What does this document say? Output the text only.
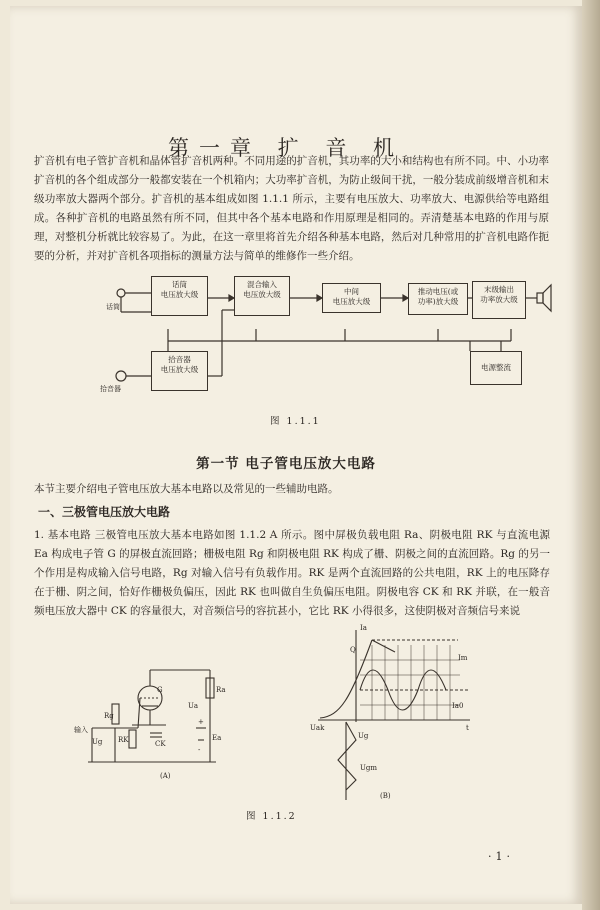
第一章 扩 音 机

扩音机有电子管扩音机和晶体管扩音机两种。不同用途的扩音机，其功率的大小和结构也有所不同。中、小功率扩音机的各个组成部分一般都安装在一个机箱内；大功率扩音机，为防止级间干扰，一般分装成前级增音机和末级功率放大器两个部分。扩音机的基本组成如图 1.1.1 所示，主要有电压放大、功率放大、电源供给等电路组成。各种扩音机的电路虽然有所不同，但其中各个基本电路和作用原理是相同的。弄清楚基本电路的作用与原理，对整机分析就比较容易了。为此，在这一章里将首先介绍各种基本电路，然后对几种常用的扩音机电路作扼要的分析，并对扩音机各项指标的测量方法与简单的维修作一些介绍。

话筒
电压放大级
混合输入
电压放大级	中间
电压放大级
推动电压(或
功率)放大级
末级输出
功率放大级
拾音器
电压放大级	电源整流
话筒
拾音器
图 1.1.1
第一节 电子管电压放大电路

本节主要介绍电子管电压放大基本电路以及常见的一些辅助电路。

一、三极管电压放大电路

1. 基本电路 三极管电压放大基本电路如图 1.1.2 A 所示。图中屏极负载电阻 Ra、阴极电阻 RK 与直流电源 Ea 构成电子管 G 的屏极直流回路；栅极电阻 Rg 和阴极电阻 RK 构成了栅、阴极之间的直流回路。Rg 的另一个作用是构成输入信号电路，Rg 对输入信号有负载作用。RK 是两个直流回路的公共电阻，RK 上的电压降存在于栅、阴之间，恰好作栅极负偏压，因此 RK 也叫做自生负偏压电阻。阴极电容 CK 和 RK 并联，在一般音频电压放大器中 CK 的容量很大，对音频信号的容抗甚小，它比 RK 小得很多，这使阴极对音频信号来说

G
输入
Ug
Rg
RK	CK
Ra
Ua
Ea
+
-
(A)
Ia
Q
Uak
Ia0
Im
t
Ug
Ugm
(B)
图 1.1.2
·1·
